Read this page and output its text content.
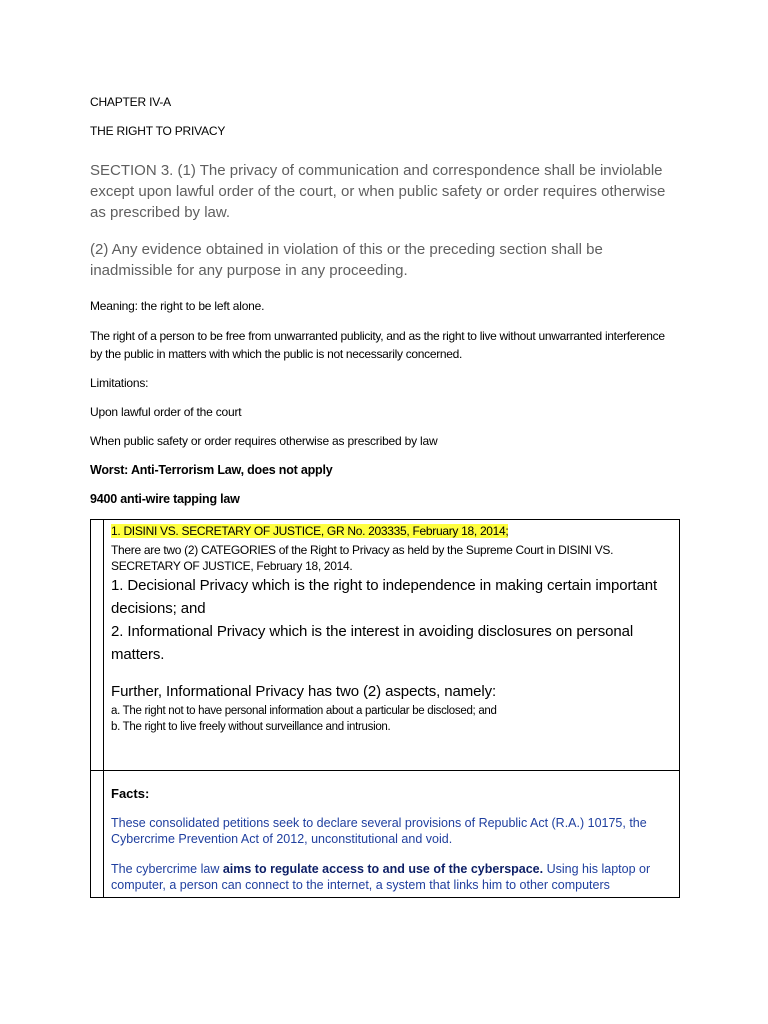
CHAPTER IV-A

THE RIGHT TO PRIVACY

SECTION 3. (1) The privacy of communication and correspondence shall be inviolable except upon lawful order of the court, or when public safety or order requires otherwise as prescribed by law.

(2) Any evidence obtained in violation of this or the preceding section shall be inadmissible for any purpose in any proceeding.

Meaning: the right to be left alone.

The right of a person to be free from unwarranted publicity, and as the right to live without unwarranted interference by the public in matters with which the public is not necessarily concerned.

Limitations:

Upon lawful order of the court

When public safety or order requires otherwise as prescribed by law

Worst: Anti-Terrorism Law, does not apply

9400 anti-wire tapping law

1. DISINI VS. SECRETARY OF JUSTICE, GR No. 203335, February 18, 2014;
There are two (2) CATEGORIES of the Right to Privacy as held by the Supreme Court in DISINI VS. SECRETARY OF JUSTICE, February 18, 2014.
1. Decisional Privacy which is the right to independence in making certain important decisions; and
2. Informational Privacy which is the interest in avoiding disclosures on personal matters.
Further, Informational Privacy has two (2) aspects, namely:
a. The right not to have personal information about a particular be disclosed; and
b. The right to live freely without surveillance and intrusion.
Facts:
These consolidated petitions seek to declare several provisions of Republic Act (R.A.) 10175, the Cybercrime Prevention Act of 2012, unconstitutional and void.
The cybercrime law aims to regulate access to and use of the cyberspace. Using his laptop or computer, a person can connect to the internet, a system that links him to other computers
